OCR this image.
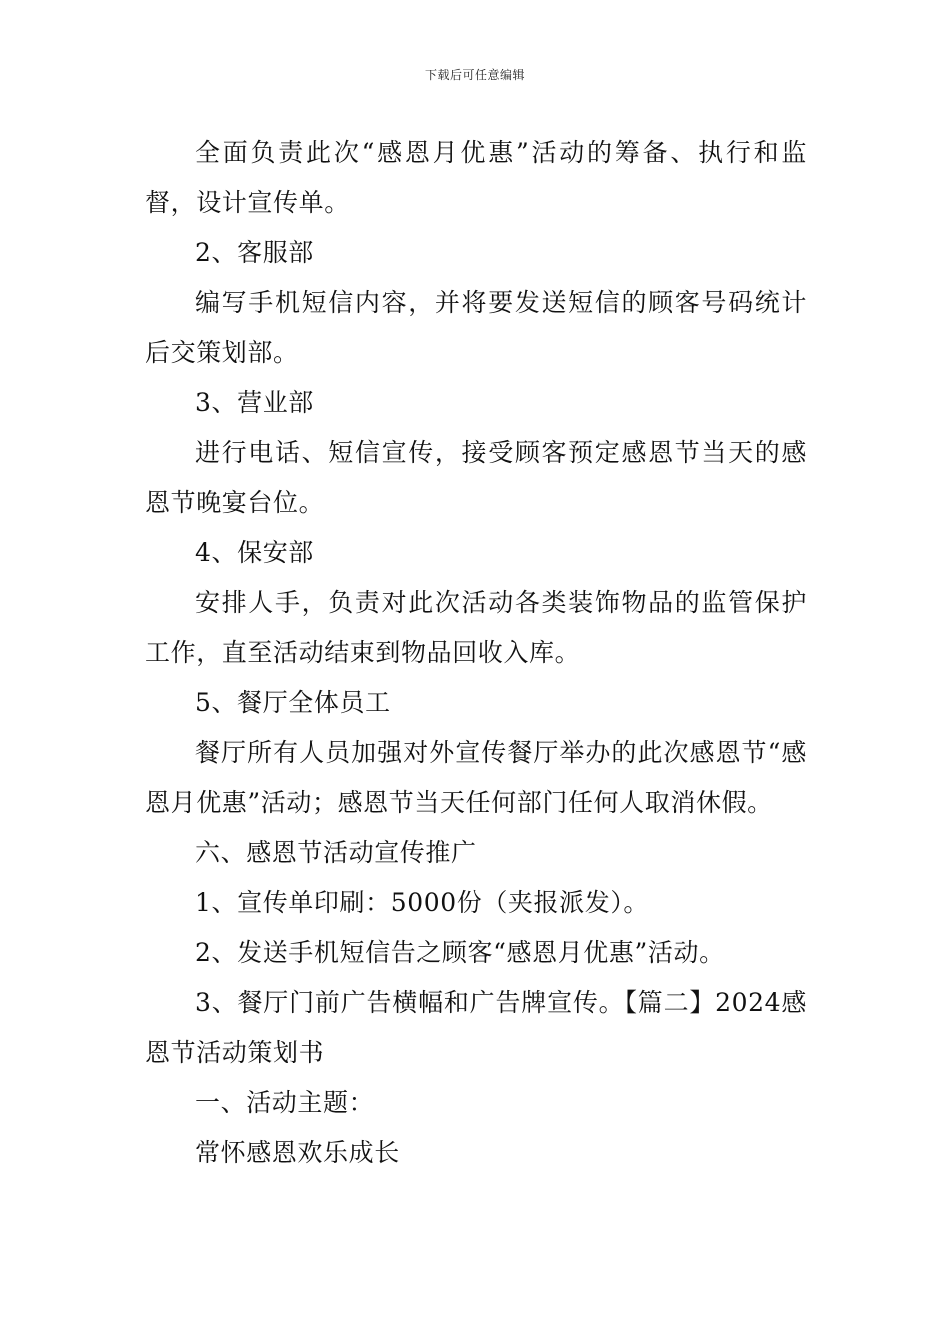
下载后可任意编辑

全面负责此次“感恩月优惠”活动的筹备、执行和监督，设计宣传单。

2、客服部

编写手机短信内容，并将要发送短信的顾客号码统计后交策划部。

3、营业部

进行电话、短信宣传，接受顾客预定感恩节当天的感恩节晚宴台位。

4、保安部

安排人手，负责对此次活动各类装饰物品的监管保护工作，直至活动结束到物品回收入库。

5、餐厅全体员工

餐厅所有人员加强对外宣传餐厅举办的此次感恩节“感恩月优惠”活动；感恩节当天任何部门任何人取消休假。

六、感恩节活动宣传推广

1、宣传单印刷：5000份（夹报派发）。

2、发送手机短信告之顾客“感恩月优惠”活动。

3、餐厅门前广告横幅和广告牌宣传。【篇二】2024感恩节活动策划书

一、活动主题：

常怀感恩欢乐成长
